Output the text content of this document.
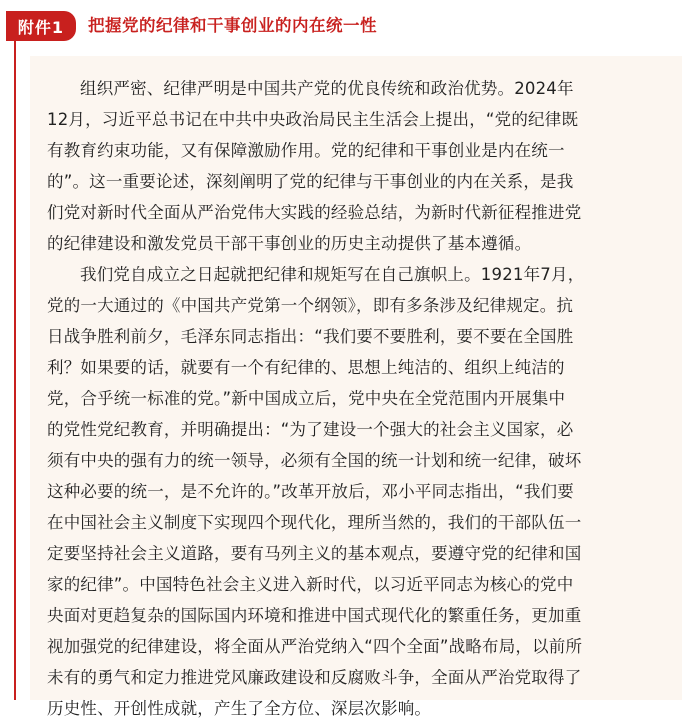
附件1	把握党的纪律和干事创业的内在统一性

组织严密、纪律严明是中国共产党的优良传统和政治优势。2024年
12月，习近平总书记在中共中央政治局民主生活会上提出，“党的纪律既
有教育约束功能，又有保障激励作用。党的纪律和干事创业是内在统一
的”。这一重要论述，深刻阐明了党的纪律与干事创业的内在关系，是我
们党对新时代全面从严治党伟大实践的经验总结，为新时代新征程推进党
的纪律建设和激发党员干部干事创业的历史主动提供了基本遵循。

我们党自成立之日起就把纪律和规矩写在自己旗帜上。1921年7月，
党的一大通过的《中国共产党第一个纲领》，即有多条涉及纪律规定。抗
日战争胜利前夕，毛泽东同志指出：“我们要不要胜利，要不要在全国胜
利？如果要的话，就要有一个有纪律的、思想上纯洁的、组织上纯洁的
党，合乎统一标准的党。”新中国成立后，党中央在全党范围内开展集中
的党性党纪教育，并明确提出：“为了建设一个强大的社会主义国家，必
须有中央的强有力的统一领导，必须有全国的统一计划和统一纪律，破坏
这种必要的统一，是不允许的。”改革开放后，邓小平同志指出，“我们要
在中国社会主义制度下实现四个现代化，理所当然的，我们的干部队伍一
定要坚持社会主义道路，要有马列主义的基本观点，要遵守党的纪律和国
家的纪律”。中国特色社会主义进入新时代，以习近平同志为核心的党中
央面对更趋复杂的国际国内环境和推进中国式现代化的繁重任务，更加重
视加强党的纪律建设，将全面从严治党纳入“四个全面”战略布局，以前所
未有的勇气和定力推进党风廉政建设和反腐败斗争，全面从严治党取得了
历史性、开创性成就，产生了全方位、深层次影响。
